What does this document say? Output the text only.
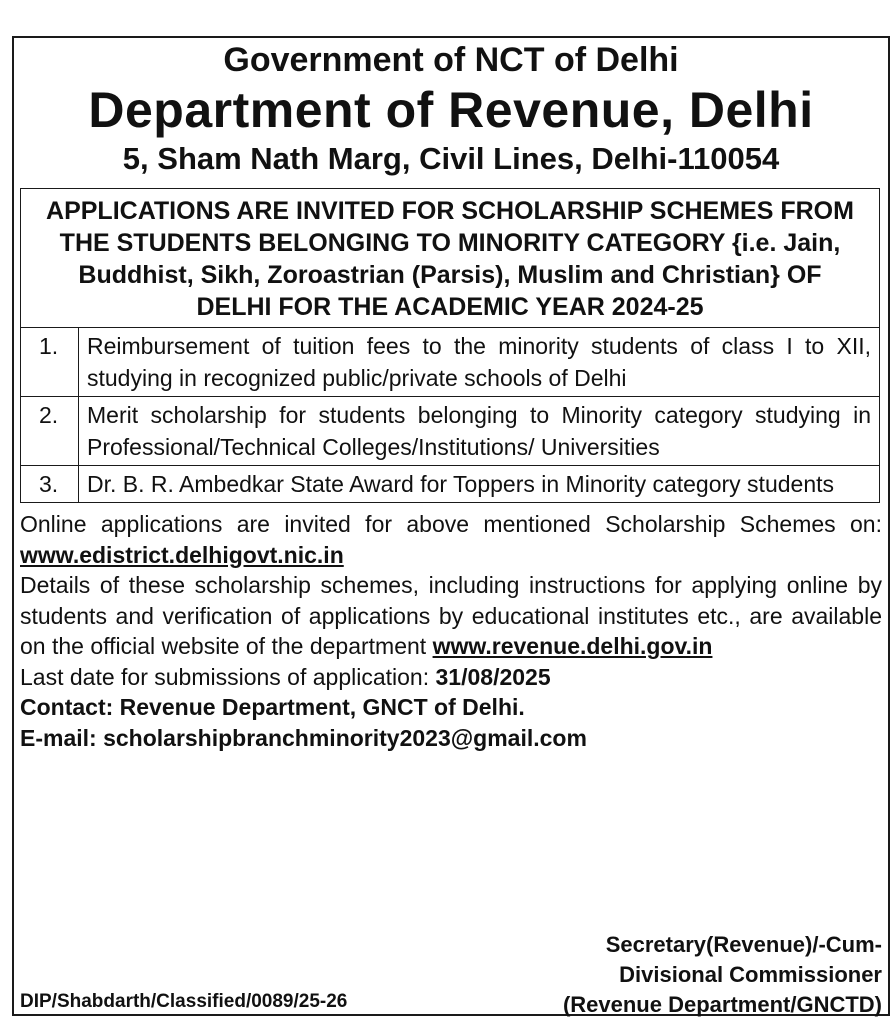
Government of NCT of Delhi
Department of Revenue, Delhi
5, Sham Nath Marg, Civil Lines, Delhi-110054
APPLICATIONS ARE INVITED FOR SCHOLARSHIP SCHEMES FROM THE STUDENTS BELONGING TO MINORITY CATEGORY {i.e. Jain, Buddhist, Sikh, Zoroastrian (Parsis), Muslim and Christian} OF DELHI FOR THE ACADEMIC YEAR 2024-25
1.	Reimbursement of tuition fees to the minority students of class I to XII, studying in recognized public/private schools of Delhi
2.	Merit scholarship for students belonging to Minority category studying in Professional/Technical Colleges/Institutions/ Universities
3.	Dr. B. R. Ambedkar State Award for Toppers in Minority category students

Online applications are invited for above mentioned Scholarship Schemes on: www.edistrict.delhigovt.nic.in

Details of these scholarship schemes, including instructions for applying online by students and verification of applications by educational institutes etc., are available on the official website of the department www.revenue.delhi.gov.in

Last date for submissions of application: 31/08/2025

Contact: Revenue Department, GNCT of Delhi.

E-mail: scholarshipbranchminority2023@gmail.com

Secretary(Revenue)/-Cum-
Divisional Commissioner
(Revenue Department/GNCTD)
DIP/Shabdarth/Classified/0089/25-26
